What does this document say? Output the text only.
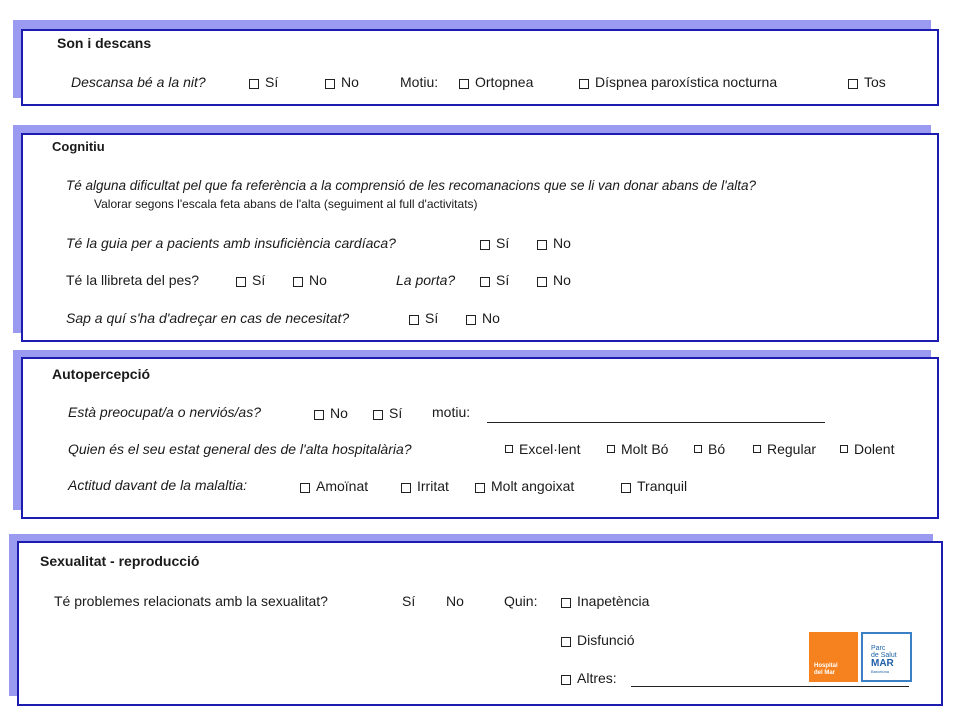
Son i descans
Descansa bé a la nit?	Sí	No	Motiu:	Ortopnea	Díspnea paroxística nocturna	Tos
Cognitiu
Té alguna dificultat pel que fa referència a la comprensió de les recomanacions que se li van donar abans de l'alta?
Valorar segons l'escala feta abans de l'alta (seguiment al full d'activitats)
Té la guia per a pacients amb insuficiència cardíaca?	Sí	No
Té la llibreta del pes?	Sí	No	La porta?	Sí	No
Sap a quí s'ha d'adreçar en cas de necesitat?	Sí	No
Autopercepció
Està preocupat/a o nerviós/as?	No	Sí motiu:
Quien és el seu estat general des de l'alta hospitalària?	Excel·lent	Molt Bó	Bó	Regular	Dolent
Actitud davant de la malaltia:	Amoïnat	Irritat	Molt angoixat	Tranquil
Sexualitat - reproducció
Té problemes relacionats amb la sexualitat?	Sí No	Quin:	Inapetència
Disfunció
Altres:
Hospital
del Mar
Parc
de Salut
MAR
Barcelona
